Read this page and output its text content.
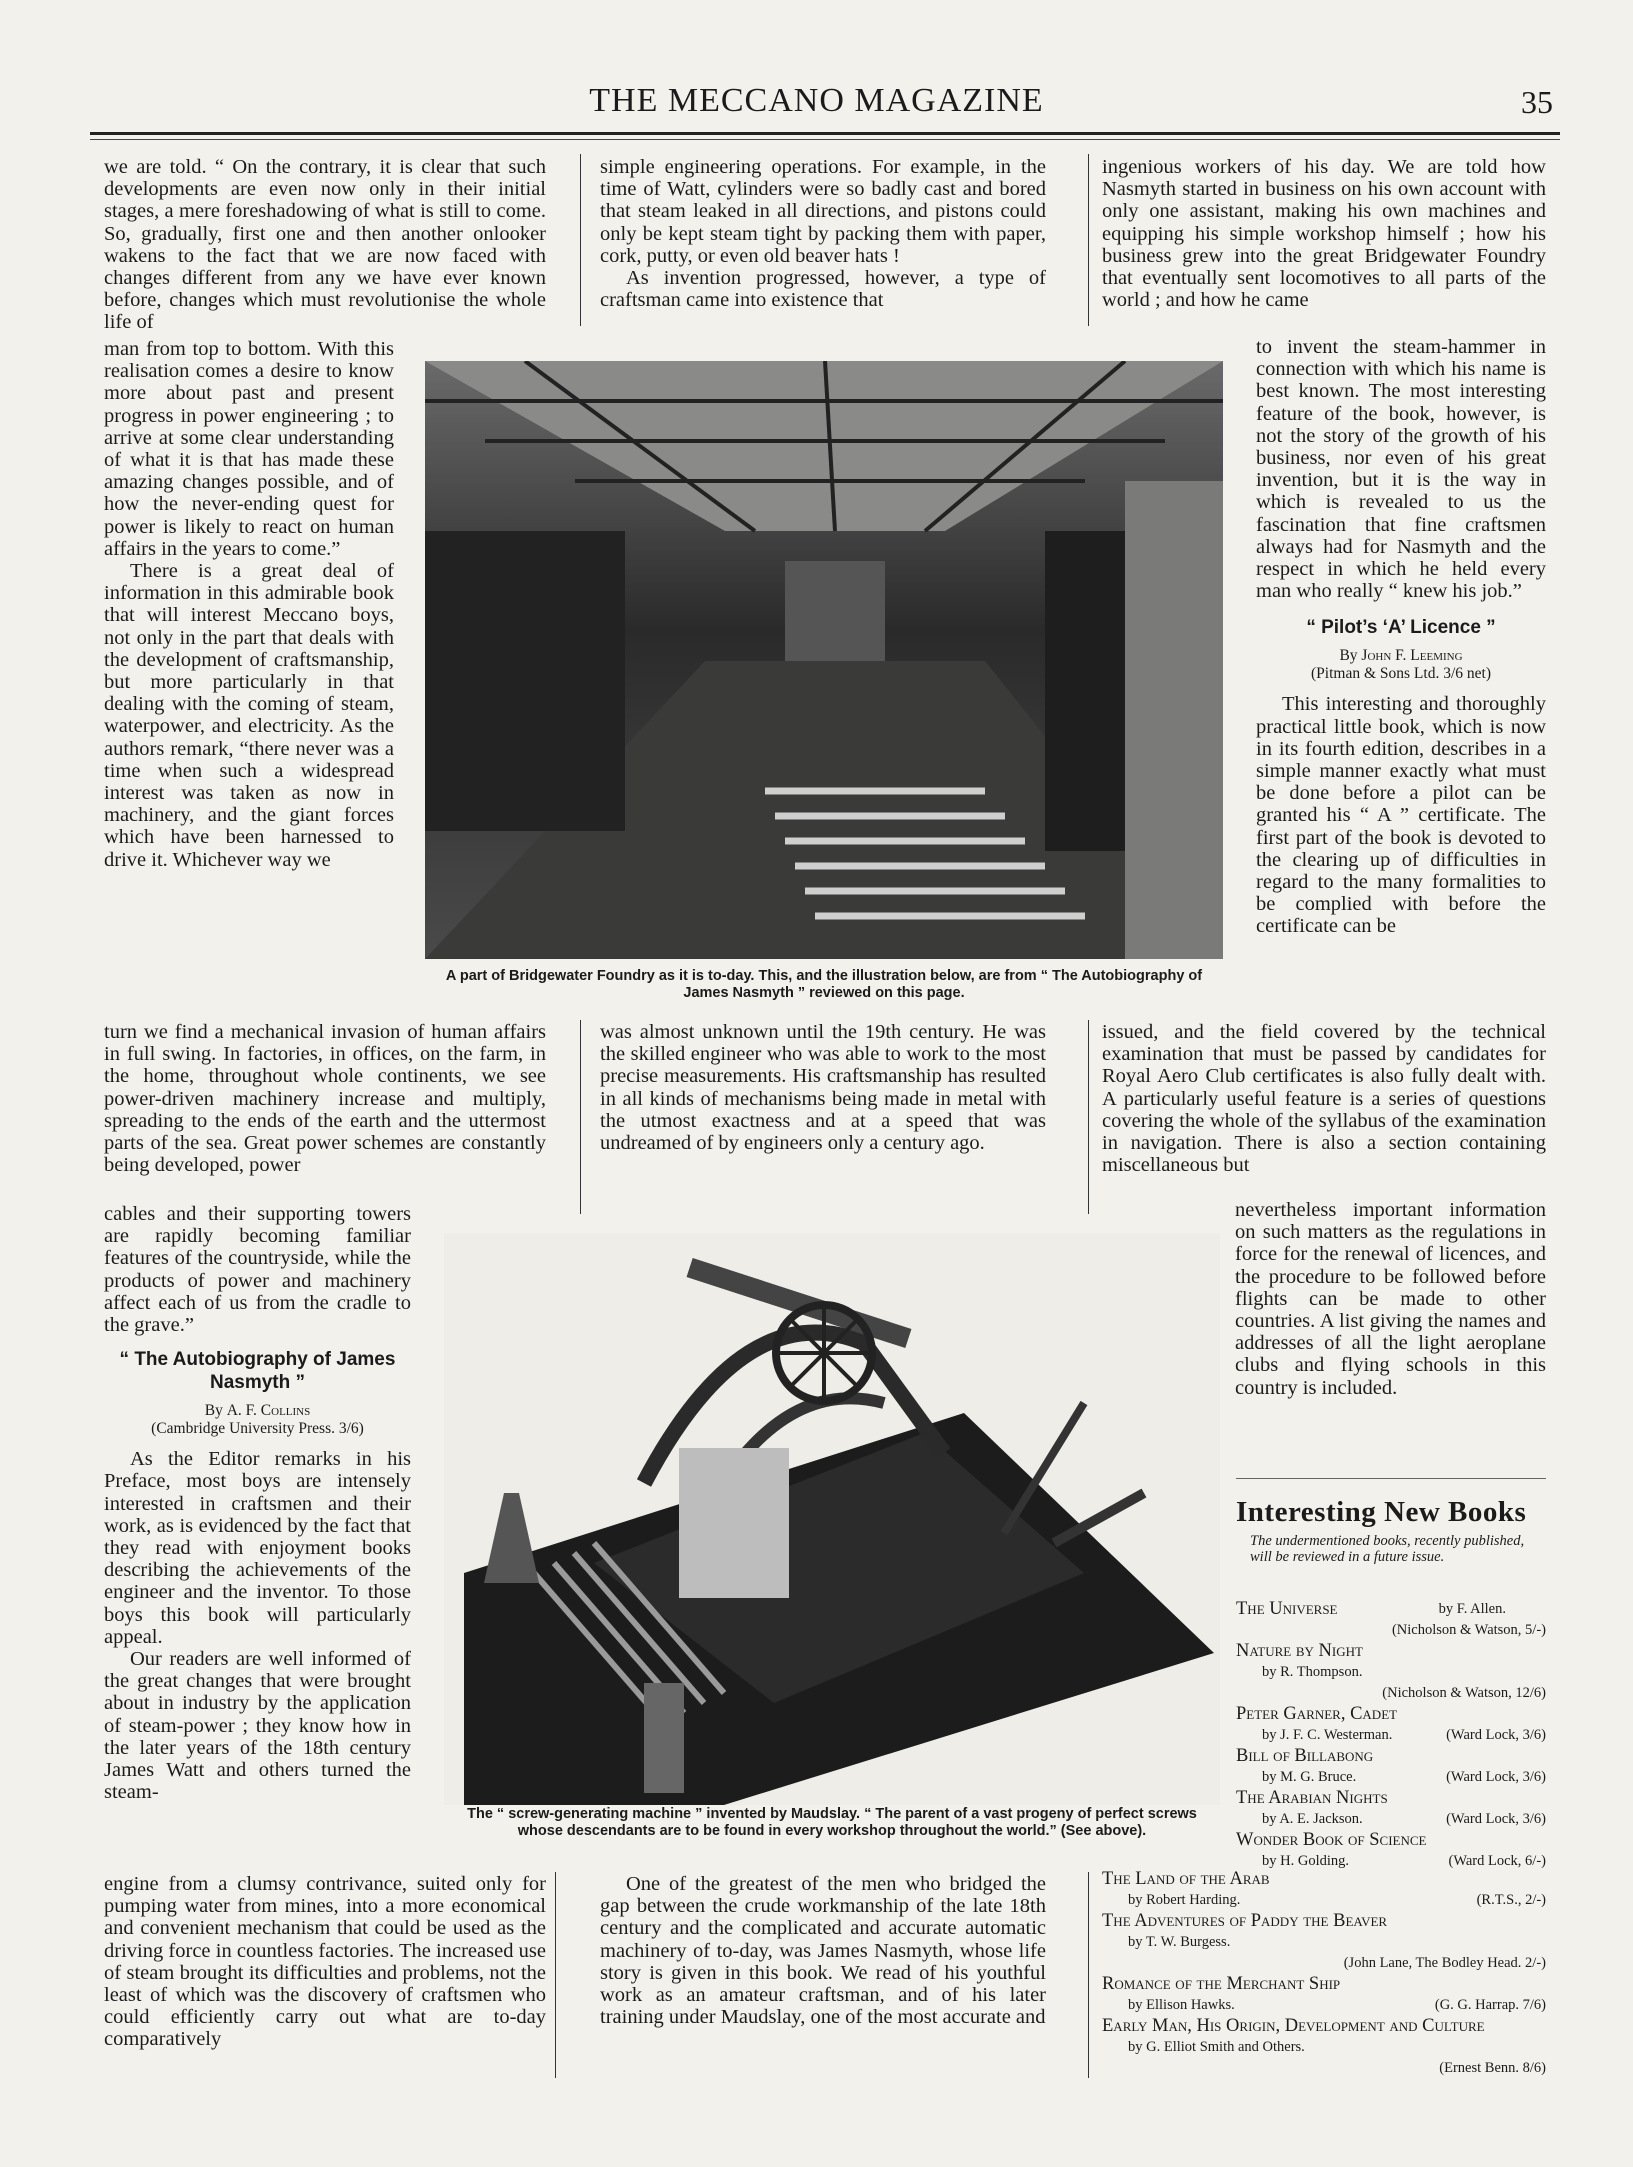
THE MECCANO MAGAZINE	35

we are told. “ On the contrary, it is clear that such developments are even now only in their initial stages, a mere foreshadowing of what is still to come. So, gradually, first one and then another onlooker wakens to the fact that we are now faced with changes different from any we have ever known before, changes which must revolutionise the whole life of

man from top to bottom. With this realisation comes a desire to know more about past and present progress in power engineering ; to arrive at some clear understanding of what it is that has made these amazing changes possible, and of how the never-ending quest for power is likely to react on human affairs in the years to come.”

There is a great deal of information in this admirable book that will interest Meccano boys, not only in the part that deals with the development of craftsmanship, but more particularly in that dealing with the coming of steam, waterpower, and electricity. As the authors remark, “there never was a time when such a widespread interest was taken as now in machinery, and the giant forces which have been harnessed to drive it. Whichever way we

turn we find a mechanical invasion of human affairs in full swing. In factories, in offices, on the farm, in the home, throughout whole continents, we see power-driven machinery increase and multiply, spreading to the ends of the earth and the uttermost parts of the sea. Great power schemes are constantly being developed, power

cables and their supporting towers are rapidly becoming familiar features of the countryside, while the products of power and machinery affect each of us from the cradle to the grave.”

“ The Autobiography of James Nasmyth ”
By A. F. Collins
(Cambridge University Press. 3/6)

As the Editor remarks in his Preface, most boys are intensely interested in craftsmen and their work, as is evidenced by the fact that they read with enjoyment books describing the achievements of the engineer and the inventor. To those boys this book will particularly appeal.

Our readers are well informed of the great changes that were brought about in industry by the application of steam-power ; they know how in the later years of the 18th century James Watt and others turned the steam-

engine from a clumsy contrivance, suited only for pumping water from mines, into a more economical and convenient mechanism that could be used as the driving force in countless factories. The increased use of steam brought its difficulties and problems, not the least of which was the discovery of craftsmen who could efficiently carry out what are to-day comparatively

simple engineering operations. For example, in the time of Watt, cylinders were so badly cast and bored that steam leaked in all directions, and pistons could only be kept steam tight by packing them with paper, cork, putty, or even old beaver hats !

As invention progressed, however, a type of craftsman came into existence that

was almost unknown until the 19th century. He was the skilled engineer who was able to work to the most precise measurements. His craftsmanship has resulted in all kinds of mechanisms being made in metal with the utmost exactness and at a speed that was undreamed of by engineers only a century ago.

One of the greatest of the men who bridged the gap between the crude workmanship of the late 18th century and the complicated and accurate automatic machinery of to-day, was James Nasmyth, whose life story is given in this book. We read of his youthful work as an amateur craftsman, and of his later training under Maudslay, one of the most accurate and

ingenious workers of his day. We are told how Nasmyth started in business on his own account with only one assistant, making his own machines and equipping his simple workshop himself ; how his business grew into the great Bridgewater Foundry that eventually sent locomotives to all parts of the world ; and how he came

to invent the steam-hammer in connection with which his name is best known. The most interesting feature of the book, however, is not the story of the growth of his business, nor even of his great invention, but it is the way in which is revealed to us the fascination that fine craftsmen always had for Nasmyth and the respect in which he held every man who really “ knew his job.”

“ Pilot’s ‘A’ Licence ”
By John F. Leeming
(Pitman & Sons Ltd. 3/6 net)

This interesting and thoroughly practical little book, which is now in its fourth edition, describes in a simple manner exactly what must be done before a pilot can be granted his “ A ” certificate. The first part of the book is devoted to the clearing up of difficulties in regard to the many formalities to be complied with before the certificate can be

issued, and the field covered by the technical examination that must be passed by candidates for Royal Aero Club certificates is also fully dealt with. A particularly useful feature is a series of questions covering the whole of the syllabus of the examination in navigation. There is also a section containing miscellaneous but

nevertheless important information on such matters as the regulations in force for the renewal of licences, and the procedure to be followed before flights can be made to other countries. A list giving the names and addresses of all the light aeroplane clubs and flying schools in this country is included.

Interesting New Books
The undermentioned books, recently published, will be reviewed in a future issue.
The Universe	by F. Allen.
(Nicholson & Watson, 5/-)
Nature by Night
by R. Thompson.
(Nicholson & Watson, 12/6)
Peter Garner, Cadet
by J. F. C. Westerman.	(Ward Lock, 3/6)
Bill of Billabong
by M. G. Bruce.	(Ward Lock, 3/6)
The Arabian Nights
by A. E. Jackson.	(Ward Lock, 3/6)
Wonder Book of Science
by H. Golding.	(Ward Lock, 6/-)
The Land of the Arab
by Robert Harding.	(R.T.S., 2/-)
The Adventures of Paddy the Beaver
by T. W. Burgess.
(John Lane, The Bodley Head. 2/-)
Romance of the Merchant Ship
by Ellison Hawks.	(G. G. Harrap. 7/6)
Early Man, His Origin, Development and Culture
by G. Elliot Smith and Others.
(Ernest Benn. 8/6)
A part of Bridgewater Foundry as it is to-day. This, and the illustration below, are from “ The Autobiography of James Nasmyth ” reviewed on this page.
The “ screw-generating machine ” invented by Maudslay. “ The parent of a vast progeny of perfect screws whose descendants are to be found in every workshop throughout the world.” (See above).
